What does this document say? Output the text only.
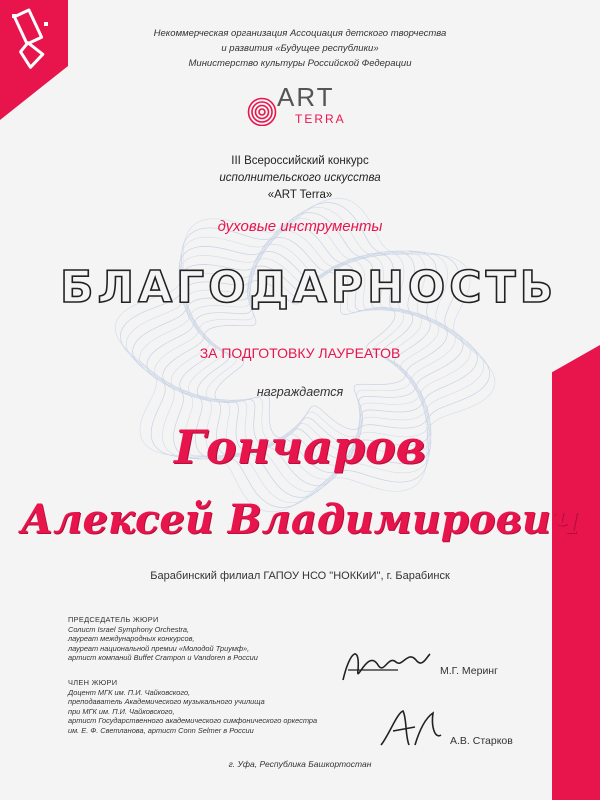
Некоммерческая организация Ассоциация детского творчества
и развития «Будущее республики»
Министерство культуры Российской Федерации
ART
TERRA
III Всероссийский конкурс
исполнительского искусства
«ART Terra»
духовые инструменты
БЛАГОДАРНОСТЬ
ЗА ПОДГОТОВКУ ЛАУРЕАТОВ
награждается
Гончаров
Алексей Владимирович
Барабинский филиал ГАПОУ НСО "НОККиИ", г. Барабинск
ПРЕДСЕДАТЕЛЬ ЖЮРИ
Солист Israel Symphony Orchestra,
лауреат международных конкурсов,
лауреат национальной премии «Молодой Триумф»,
артист компаний Buffet Crampon и Vandoren в России
ЧЛЕН ЖЮРИ
Доцент МГК им. П.И. Чайковского,
преподаватель Академического музыкального училища
при МГК им. П.И. Чайковского,
артист Государственного академического симфонического оркестра
им. Е. Ф. Светланова, артист Conn Selmer в России
М.Г. Меринг
А.В. Старков
г. Уфа, Республика Башкортостан
